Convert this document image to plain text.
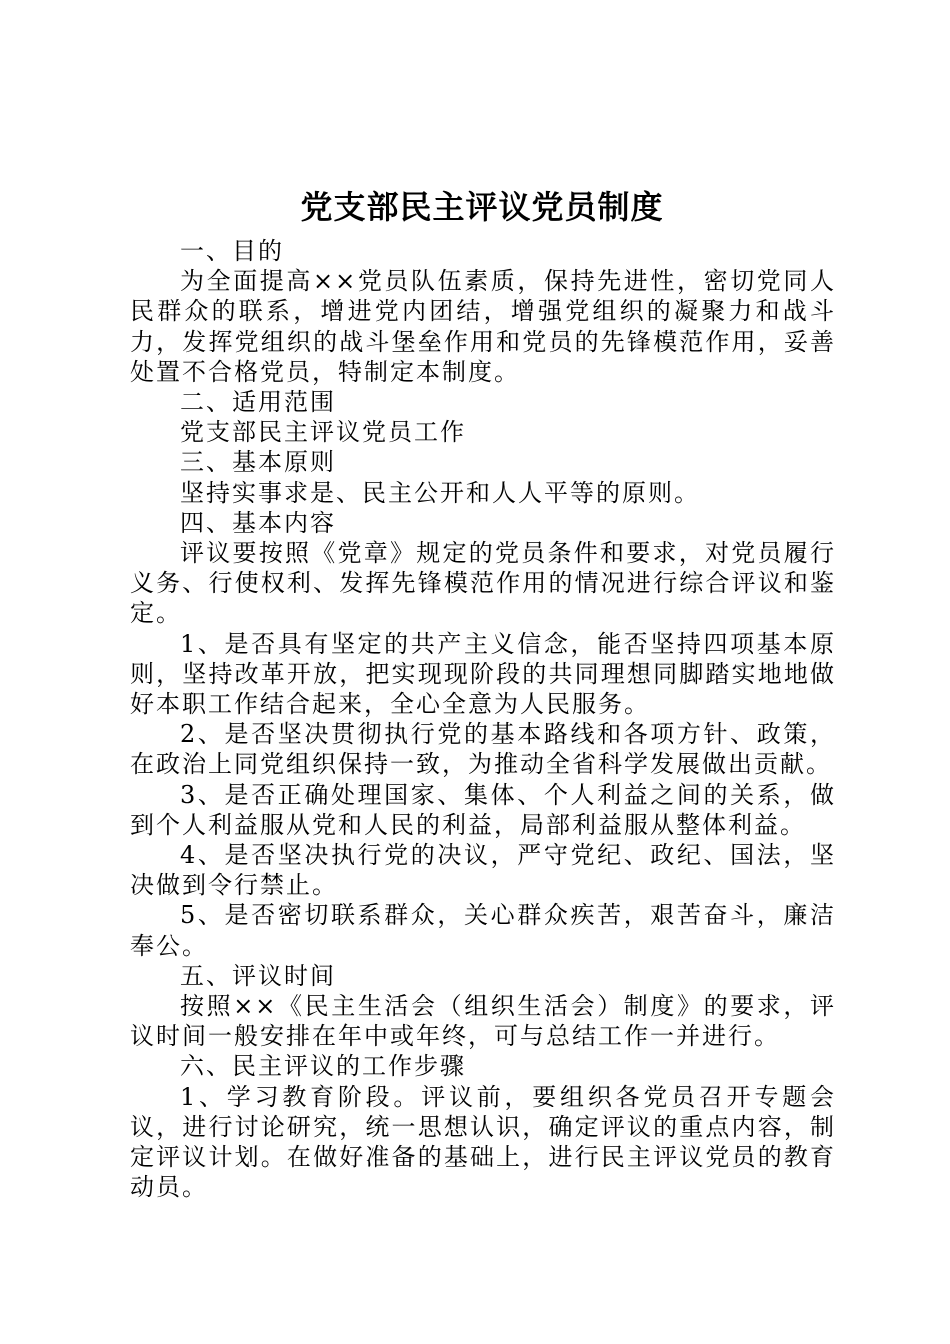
党支部民主评议党员制度

一、目的

为全面提高××党员队伍素质，保持先进性，密切党同人民群众的联系，增进党内团结，增强党组织的凝聚力和战斗力，发挥党组织的战斗堡垒作用和党员的先锋模范作用，妥善处置不合格党员，特制定本制度。

二、适用范围

党支部民主评议党员工作

三、基本原则

坚持实事求是、民主公开和人人平等的原则。

四、基本内容

评议要按照《党章》规定的党员条件和要求，对党员履行义务、行使权利、发挥先锋模范作用的情况进行综合评议和鉴定。

1、是否具有坚定的共产主义信念，能否坚持四项基本原则，坚持改革开放，把实现现阶段的共同理想同脚踏实地地做好本职工作结合起来，全心全意为人民服务。

2、是否坚决贯彻执行党的基本路线和各项方针、政策，在政治上同党组织保持一致，为推动全省科学发展做出贡献。

3、是否正确处理国家、集体、个人利益之间的关系，做到个人利益服从党和人民的利益，局部利益服从整体利益。

4、是否坚决执行党的决议，严守党纪、政纪、国法，坚决做到令行禁止。

5、是否密切联系群众，关心群众疾苦，艰苦奋斗，廉洁奉公。

五、评议时间

按照××《民主生活会（组织生活会）制度》的要求，评议时间一般安排在年中或年终，可与总结工作一并进行。

六、民主评议的工作步骤

1、学习教育阶段。评议前，要组织各党员召开专题会议，进行讨论研究，统一思想认识，确定评议的重点内容，制定评议计划。在做好准备的基础上，进行民主评议党员的教育动员。
